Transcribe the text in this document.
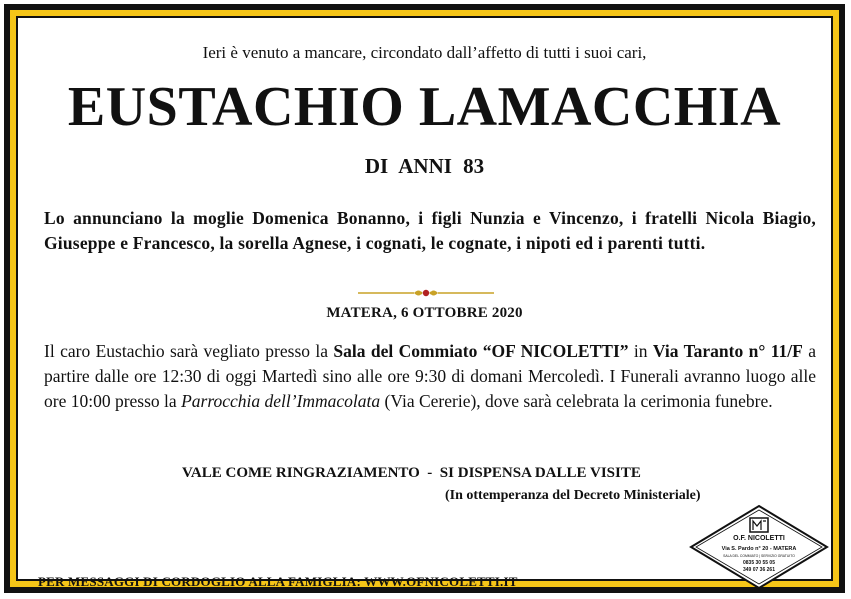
Ieri è venuto a mancare, circondato dall’affetto di tutti i suoi cari,
EUSTACHIO LAMACCHIA
DI ANNI 83
Lo annunciano la moglie Domenica Bonanno, i figli Nunzia e Vincenzo, i fratelli Nicola Biagio, Giuseppe e Francesco, la sorella Agnese, i cognati, le cognate, i nipoti ed i parenti tutti.
MATERA, 6 OTTOBRE 2020
Il caro Eustachio sarà vegliato presso la Sala del Commiato “OF NICOLETTI” in Via Taranto n° 11/F a partire dalle ore 12:30 di oggi Martedì sino alle ore 9:30 di domani Mercoledì. I Funerali avranno luogo alle ore 10:00 presso la Parrocchia dell’Immacolata (Via Cererie), dove sarà celebrata la cerimonia funebre.
VALE COME RINGRAZIAMENTO  -  SI DISPENSA DALLE VISITE
(In ottemperanza del Decreto Ministeriale)
PER MESSAGGI DI CORDOGLIO ALLA FAMIGLIA: WWW.OFNICOLETTI.IT
O.F. NICOLETTI
Via S. Pardo n° 20 - MATERA
SALA DEL COMMIATO | SERVIZIO GRATUITO
0835 30 55 05
349 07 36 261
